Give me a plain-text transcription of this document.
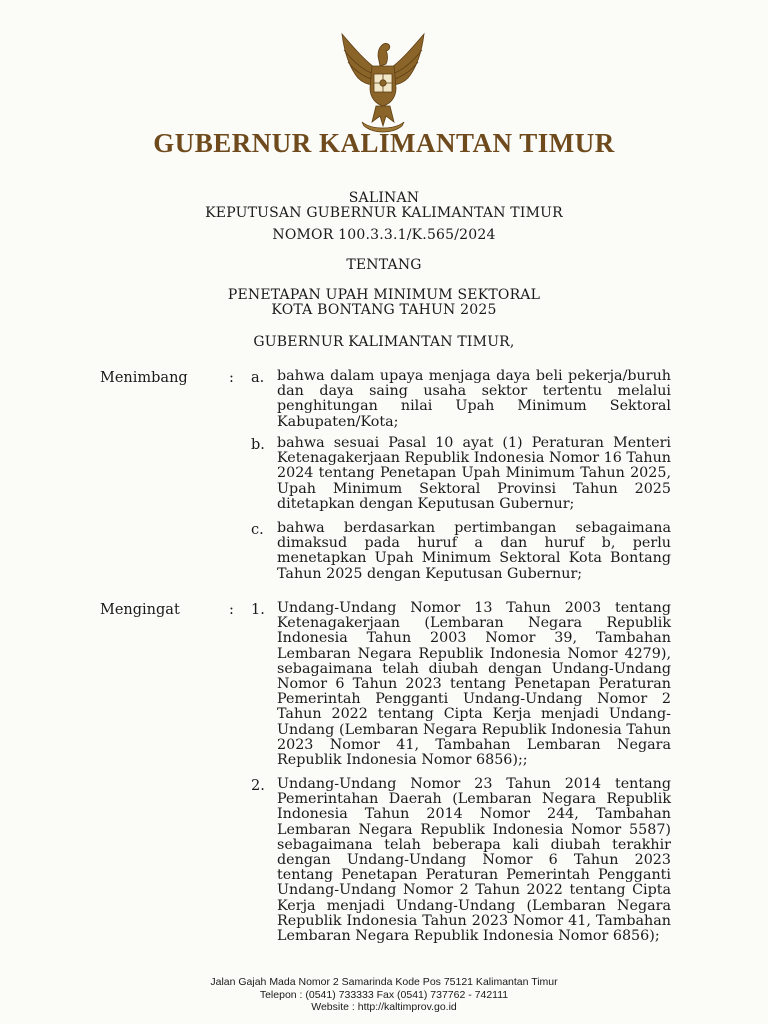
GUBERNUR KALIMANTAN TIMUR
SALINAN
KEPUTUSAN GUBERNUR KALIMANTAN TIMUR
NOMOR 100.3.3.1/K.565/2024
TENTANG
PENETAPAN UPAH MINIMUM SEKTORAL
KOTA BONTANG TAHUN 2025
GUBERNUR KALIMANTAN TIMUR,
Menimbang	: a. bahwa dalam upaya menjaga daya beli pekerja/buruh dan daya saing usaha sektor tertentu melalui penghitungan nilai Upah Minimum Sektoral Kabupaten/Kota;
b. bahwa sesuai Pasal 10 ayat (1) Peraturan Menteri Ketenagakerjaan Republik Indonesia Nomor 16 Tahun 2024 tentang Penetapan Upah Minimum Tahun 2025, Upah Minimum Sektoral Provinsi Tahun 2025 ditetapkan dengan Keputusan Gubernur;
c. bahwa berdasarkan pertimbangan sebagaimana dimaksud pada huruf a dan huruf b, perlu menetapkan Upah Minimum Sektoral Kota Bontang Tahun 2025 dengan Keputusan Gubernur;
Mengingat	: 1. Undang-Undang Nomor 13 Tahun 2003 tentang Ketenagakerjaan (Lembaran Negara Republik Indonesia Tahun 2003 Nomor 39, Tambahan Lembaran Negara Republik Indonesia Nomor 4279), sebagaimana telah diubah dengan Undang-Undang Nomor 6 Tahun 2023 tentang Penetapan Peraturan Pemerintah Pengganti Undang-Undang Nomor 2 Tahun 2022 tentang Cipta Kerja menjadi Undang-Undang (Lembaran Negara Republik Indonesia Tahun 2023 Nomor 41, Tambahan Lembaran Negara Republik Indonesia Nomor 6856);;
2. Undang-Undang Nomor 23 Tahun 2014 tentang Pemerintahan Daerah (Lembaran Negara Republik Indonesia Tahun 2014 Nomor 244, Tambahan Lembaran Negara Republik Indonesia Nomor 5587) sebagaimana telah beberapa kali diubah terakhir dengan Undang-Undang Nomor 6 Tahun 2023 tentang Penetapan Peraturan Pemerintah Pengganti Undang-Undang Nomor 2 Tahun 2022 tentang Cipta Kerja menjadi Undang-Undang (Lembaran Negara Republik Indonesia Tahun 2023 Nomor 41, Tambahan Lembaran Negara Republik Indonesia Nomor 6856);
Jalan Gajah Mada Nomor 2 Samarinda Kode Pos 75121 Kalimantan Timur
Telepon : (0541) 733333 Fax (0541) 737762 - 742111
Website : http://kaltimprov.go.id
